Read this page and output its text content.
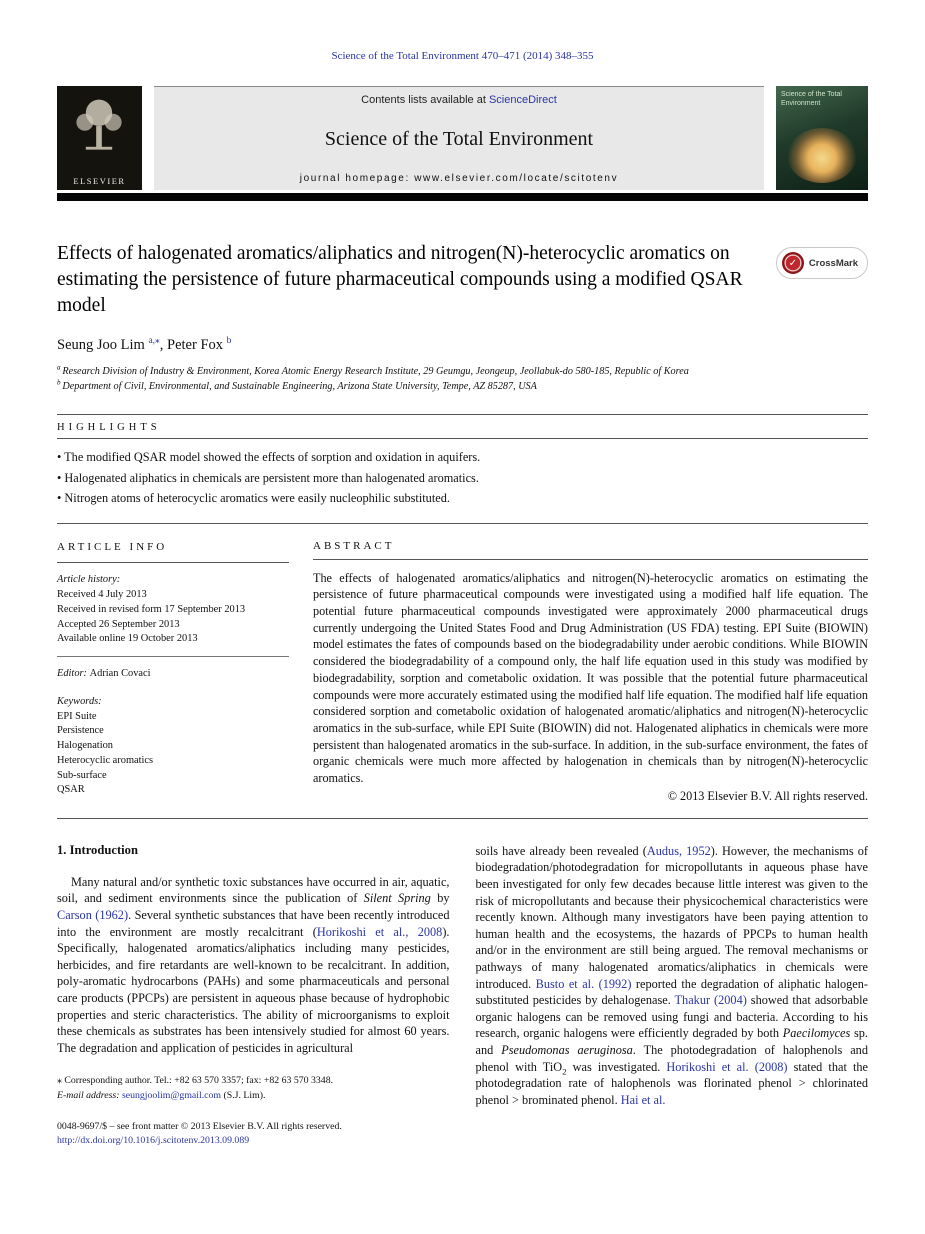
Science of the Total Environment 470–471 (2014) 348–355
ELSEVIER
Contents lists available at ScienceDirect
Science of the Total Environment
journal homepage: www.elsevier.com/locate/scitotenv
Science of the Total Environment
Effects of halogenated aromatics/aliphatics and nitrogen(N)-heterocyclic aromatics on estimating the persistence of future pharmaceutical compounds using a modified QSAR model
✓	CrossMark
Seung Joo Lim $^{a,⁎}$, Peter Fox $^b$
$^a$ Research Division of Industry & Environment, Korea Atomic Energy Research Institute, 29 Geumgu, Jeongeup, Jeollabuk-do 580-185, Republic of Korea
$^b$ Department of Civil, Environmental, and Sustainable Engineering, Arizona State University, Tempe, AZ 85287, USA
HIGHLIGHTS
• The modified QSAR model showed the effects of sorption and oxidation in aquifers.
• Halogenated aliphatics in chemicals are persistent more than halogenated aromatics.
• Nitrogen atoms of heterocyclic aromatics were easily nucleophilic substituted.
ARTICLE INFO
Article history:
Received 4 July 2013
Received in revised form 17 September 2013
Accepted 26 September 2013
Available online 19 October 2013
Editor: Adrian Covaci
Keywords:
EPI Suite
Persistence
Halogenation
Heterocyclic aromatics
Sub-surface
QSAR
ABSTRACT

The effects of halogenated aromatics/aliphatics and nitrogen(N)-heterocyclic aromatics on estimating the persistence of future pharmaceutical compounds were investigated using a modified half life equation. The potential future pharmaceutical compounds investigated were approximately 2000 pharmaceutical drugs currently undergoing the United States Food and Drug Administration (US FDA) testing. EPI Suite (BIOWIN) model estimates the fates of compounds based on the biodegradability under aerobic conditions. While BIOWIN considered the biodegradability of a compound only, the half life equation used in this study was modified by biodegradability, sorption and cometabolic oxidation. It was possible that the potential future pharmaceutical compounds were more accurately estimated using the modified half life equation. The modified half life equation considered sorption and cometabolic oxidation of halogenated aromatic/aliphatics and nitrogen(N)-heterocyclic aromatics in the sub-surface, while EPI Suite (BIOWIN) did not. Halogenated aliphatics in chemicals were more persistent than halogenated aromatics in the sub-surface. In addition, in the sub-surface environment, the fates of organic chemicals were much more affected by halogenation in chemicals than by nitrogen(N)-heterocyclic aromatics.

© 2013 Elsevier B.V. All rights reserved.
1. Introduction

Many natural and/or synthetic toxic substances have occurred in air, aquatic, soil, and sediment environments since the publication of Silent Spring by Carson (1962). Several synthetic substances that have been recently introduced into the environment are mostly recalcitrant (Horikoshi et al., 2008). Specifically, halogenated aromatics/aliphatics including many pesticides, herbicides, and fire retardants are well-known to be recalcitrant. In addition, poly-aromatic hydrocarbons (PAHs) and some pharmaceuticals and personal care products (PPCPs) are persistent in aqueous phase because of hydrophobic properties and steric characteristics. The ability of microorganisms to exploit these chemicals as substrates has been intensively studied for almost 60 years. The degradation and application of pesticides in agricultural

⁎ Corresponding author. Tel.: +82 63 570 3357; fax: +82 63 570 3348.
E-mail address: seungjoolim@gmail.com (S.J. Lim).
0048-9697/$ – see front matter © 2013 Elsevier B.V. All rights reserved.
http://dx.doi.org/10.1016/j.scitotenv.2013.09.089

soils have already been revealed (Audus, 1952). However, the mechanisms of biodegradation/photodegradation for micropollutants in aqueous phase have been investigated for only few decades because little interest was given to the risk of micropollutants and because their physicochemical characteristics were recently known. Although many investigators have been paying attention to human health and the ecosystems, the hazards of PPCPs to human health and/or in the environment are still being argued. The removal mechanisms or pathways of many halogenated aromatics/aliphatics in chemicals were introduced. Busto et al. (1992) reported the degradation of aliphatic halogen-substituted pesticides by dehalogenase. Thakur (2004) showed that adsorbable organic halogens can be removed using fungi and bacteria. According to his research, organic halogens were efficiently degraded by both Paecilomyces sp. and Pseudomonas aeruginosa. The photodegradation of halophenols and phenol with TiO$_2$ was investigated. Horikoshi et al. (2008) stated that the photodegradation rate of halophenols was florinated phenol > chlorinated phenol > brominated phenol. Hai et al.
